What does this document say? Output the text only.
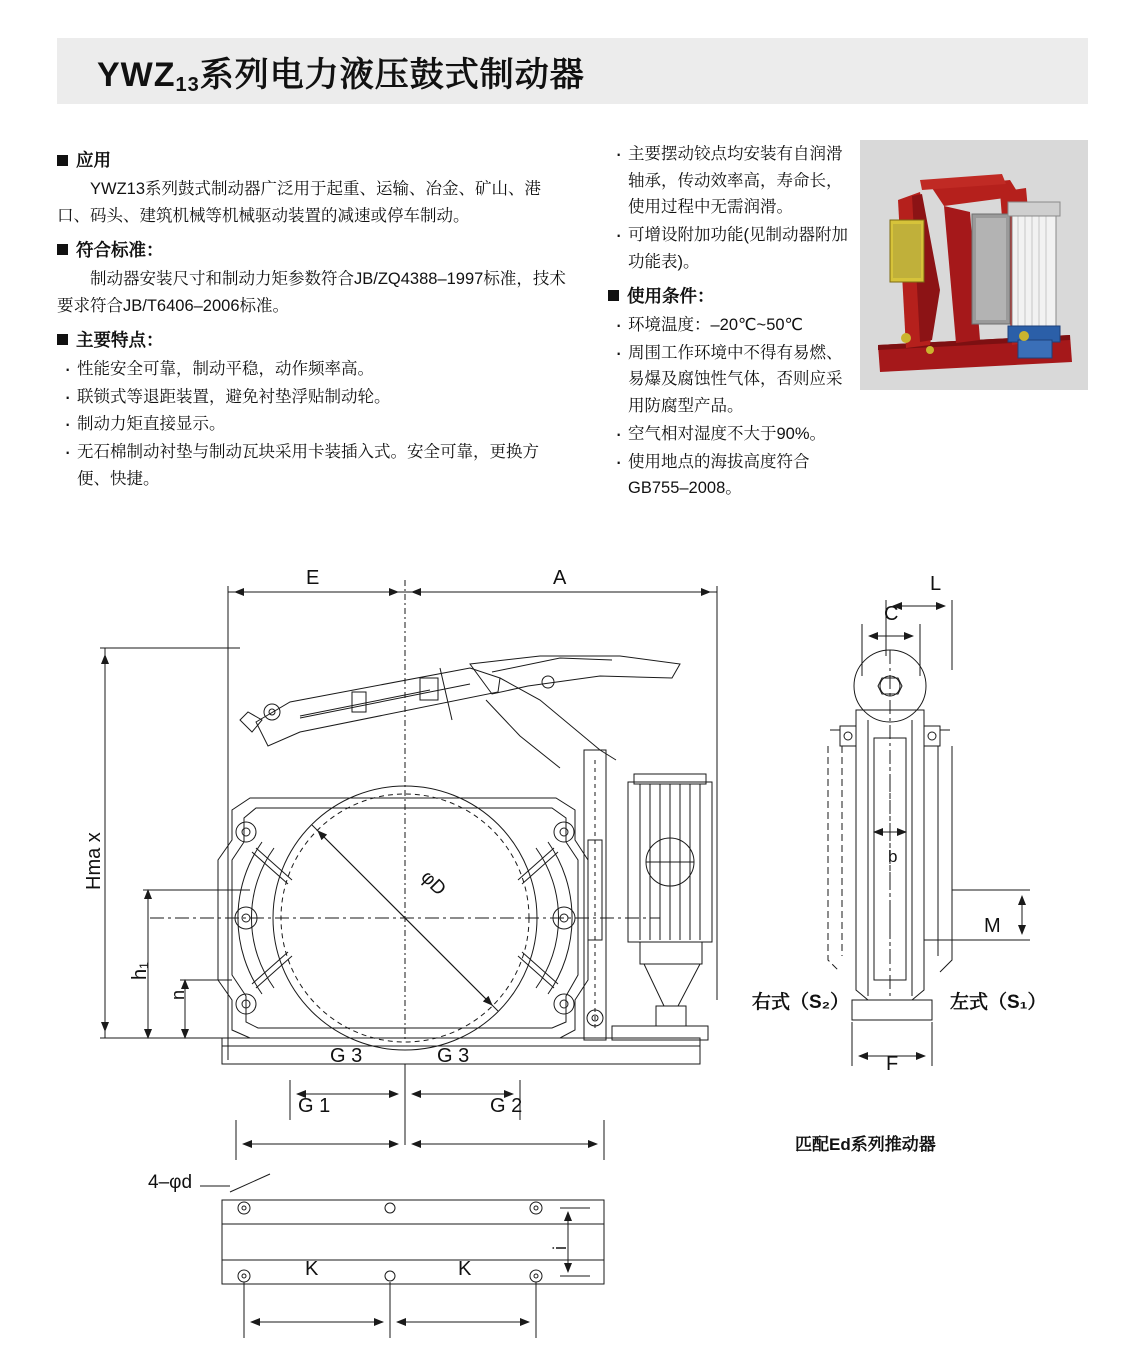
$YWZ_{13}$系列电力液压鼓式制动器
应用

YWZ13系列鼓式制动器广泛用于起重、运输、冶金、矿山、港口、码头、建筑机械等机械驱动装置的减速或停车制动。

符合标准：

制动器安装尺寸和制动力矩参数符合JB/ZQ4388–1997标准，技术要求符合JB/T6406–2006标准。

主要特点：
· 性能安全可靠，制动平稳，动作频率高。
· 联锁式等退距装置，避免衬垫浮贴制动轮。
· 制动力矩直接显示。
· 无石棉制动衬垫与制动瓦块采用卡装插入式。安全可靠，更换方便、快捷。
· 主要摆动铰点均安装有自润滑轴承，传动效率高，寿命长，使用过程中无需润滑。
· 可增设附加功能(见制动器附加功能表)。
使用条件：
· 环境温度：–20℃~50℃
· 周围工作环境中不得有易燃、易爆及腐蚀性气体，否则应采用防腐型产品。
· 空气相对湿度不大于90%。
· 使用地点的海拔高度符合GB755–2008。
E	A	L
C
b
M
F
G 3	G 3
G 1	G 2
K	K
4–φd
Hma x
h₁
n
φD
i
右式（S₂）	左式（S₁）
匹配Ed系列推动器
